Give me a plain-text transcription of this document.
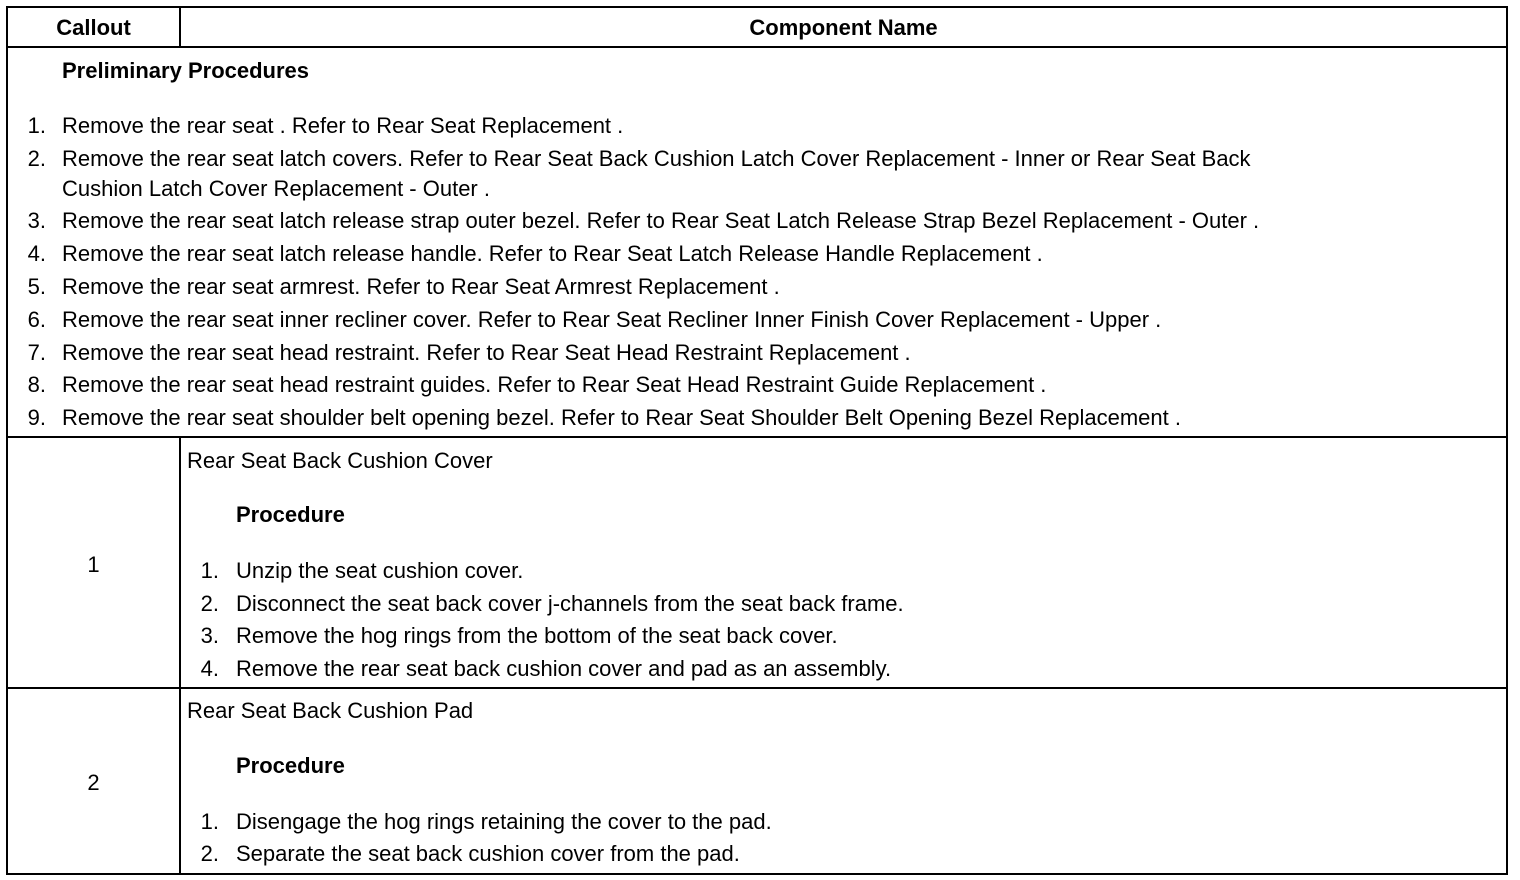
Callout	Component Name
Preliminary Procedures
1. Remove the rear seat . Refer to Rear Seat Replacement .
2. Remove the rear seat latch covers. Refer to Rear Seat Back Cushion Latch Cover Replacement - Inner or Rear Seat Back
Cushion Latch Cover Replacement - Outer .
3. Remove the rear seat latch release strap outer bezel. Refer to Rear Seat Latch Release Strap Bezel Replacement - Outer .
4. Remove the rear seat latch release handle. Refer to Rear Seat Latch Release Handle Replacement .
5. Remove the rear seat armrest. Refer to Rear Seat Armrest Replacement .
6. Remove the rear seat inner recliner cover. Refer to Rear Seat Recliner Inner Finish Cover Replacement - Upper .
7. Remove the rear seat head restraint. Refer to Rear Seat Head Restraint Replacement .
8. Remove the rear seat head restraint guides. Refer to Rear Seat Head Restraint Guide Replacement .
9. Remove the rear seat shoulder belt opening bezel. Refer to Rear Seat Shoulder Belt Opening Bezel Replacement .
1
Rear Seat Back Cushion Cover
Procedure
1. Unzip the seat cushion cover.
2. Disconnect the seat back cover j-channels from the seat back frame.
3. Remove the hog rings from the bottom of the seat back cover.
4. Remove the rear seat back cushion cover and pad as an assembly.
2
Rear Seat Back Cushion Pad
Procedure
1. Disengage the hog rings retaining the cover to the pad.
2. Separate the seat back cushion cover from the pad.
